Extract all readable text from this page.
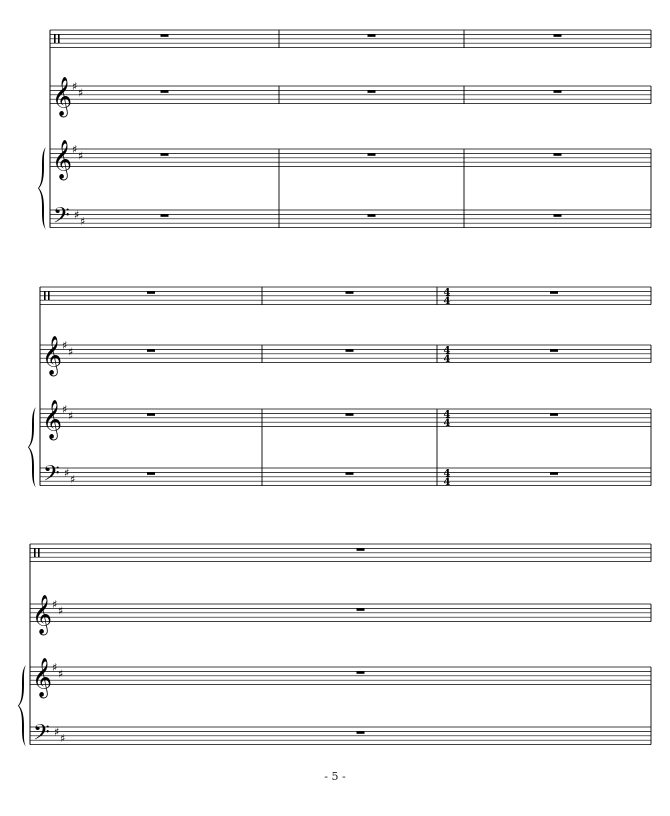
𝄞 ♯
♯
𝄞 ♯
♯
𝄢 ♯
♯
4
4
𝄞 ♯
♯	4
4
𝄞 ♯
♯	4
4
𝄢 ♯
♯	4
4
𝄞 ♯
♯
𝄞 ♯
♯
𝄢 ♯
♯
- 5 -
